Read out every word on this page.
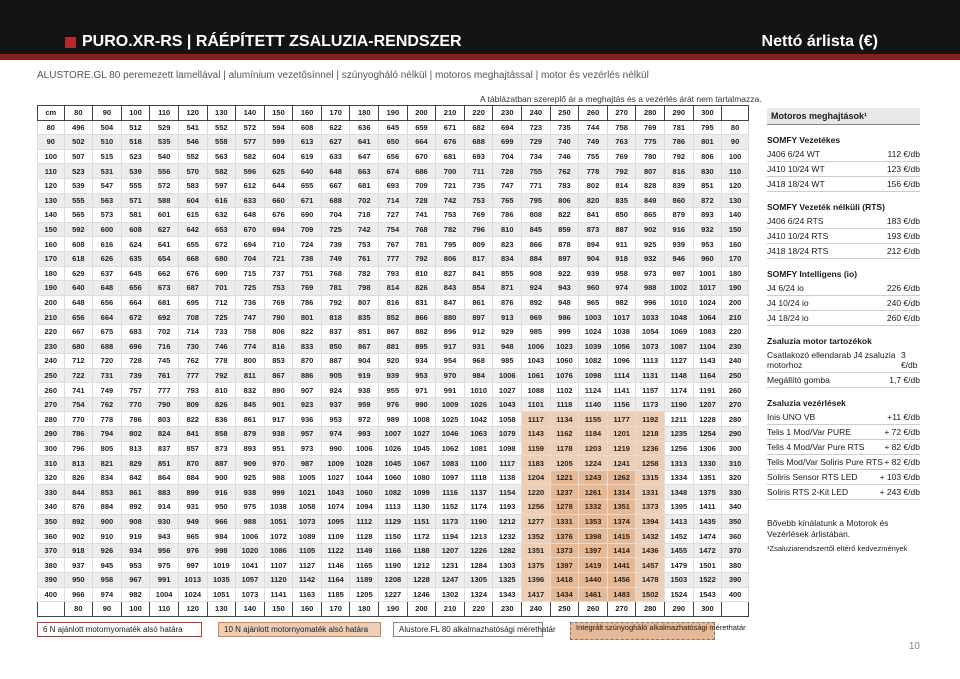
PURO.XR-RS | RÁÉPÍTETT ZSALUZIA-RENDSZER	Nettó árlista (€)
ALUSTORE.GL 80 peremezett lamellával | alumínium vezetősínnel | szúnyogháló nélkül | motoros meghajtással | motor és vezérlés nélkül
A táblázatban szereplő ár a meghajtás és a vezérlés árát nem tartalmazza.
cm	80	90	100	110	120	130	140	150	160	170	180	190	200	210	220	230	240	250	260	270	280	290	300	
80	496	504	512	529	541	552	572	594	608	622	636	645	659	671	682	694	723	735	744	758	769	781	795	80
90	502	510	518	535	546	558	577	599	613	627	641	650	664	676	688	699	729	740	749	763	775	786	801	90
100	507	515	523	540	552	563	582	604	619	633	647	656	670	681	693	704	734	746	755	769	780	792	806	100
110	523	531	539	556	570	582	596	625	640	648	663	674	686	700	711	728	755	762	778	792	807	816	830	110
120	539	547	555	572	583	597	612	644	655	667	681	693	709	721	735	747	771	783	802	814	828	839	851	120
130	555	563	571	588	604	616	633	660	671	688	702	714	728	742	753	765	795	806	820	835	849	860	872	130
140	565	573	581	601	615	632	648	676	690	704	718	727	741	753	769	786	808	822	841	850	865	879	893	140
150	592	600	608	627	642	653	670	694	709	725	742	754	768	782	796	810	845	859	873	887	902	916	932	150
160	608	616	624	641	655	672	694	710	724	739	753	767	781	795	809	823	866	878	894	911	925	939	953	160
170	618	626	635	654	668	680	704	721	738	749	761	777	792	806	817	834	884	897	904	918	932	946	960	170
180	629	637	645	662	676	690	715	737	751	768	782	793	810	827	841	855	908	922	939	958	973	987	1001	180
190	640	648	656	673	687	701	725	753	769	781	798	814	826	843	854	871	924	943	960	974	988	1002	1017	190
200	648	656	664	681	695	712	736	769	786	792	807	816	831	847	861	876	892	948	965	982	996	1010	1024	200
210	656	664	672	692	708	725	747	790	801	818	835	852	866	880	897	913	969	986	1003	1017	1033	1048	1064	210
220	667	675	683	702	714	733	758	806	822	837	851	867	882	896	912	929	985	999	1024	1038	1054	1069	1083	220
230	680	688	696	716	730	746	774	816	833	850	867	881	895	917	931	948	1006	1023	1039	1056	1073	1087	1104	230
240	712	720	728	745	762	778	800	853	870	887	904	920	934	954	968	985	1043	1060	1082	1096	1113	1127	1143	240
250	722	731	739	761	777	792	811	867	886	905	919	939	953	970	984	1006	1061	1076	1098	1114	1131	1148	1164	250
260	741	749	757	777	793	810	832	890	907	924	938	955	971	991	1010	1027	1088	1102	1124	1141	1157	1174	1191	260
270	754	762	770	790	809	826	845	901	923	937	959	976	990	1009	1026	1043	1101	1118	1140	1156	1173	1190	1207	270
280	770	778	786	803	822	836	861	917	936	953	972	989	1008	1025	1042	1058	1117	1134	1155	1177	1192	1211	1228	280
290	786	794	802	824	841	858	879	938	957	974	993	1007	1027	1046	1063	1079	1143	1162	1184	1201	1218	1235	1254	290
300	796	805	813	837	857	873	893	951	973	990	1006	1026	1045	1062	1081	1098	1159	1178	1203	1219	1236	1256	1306	300
310	813	821	829	851	870	887	909	970	987	1009	1028	1045	1067	1083	1100	1117	1183	1205	1224	1241	1258	1313	1330	310
320	826	834	842	864	884	900	925	988	1005	1027	1044	1060	1080	1097	1118	1138	1204	1221	1243	1262	1315	1334	1351	320
330	844	853	861	883	899	916	938	999	1021	1043	1060	1082	1099	1116	1137	1154	1220	1237	1261	1314	1331	1348	1375	330
340	876	884	892	914	931	950	975	1038	1058	1074	1094	1113	1130	1152	1174	1193	1256	1278	1332	1351	1373	1395	1411	340
350	892	900	908	930	949	966	988	1051	1073	1095	1112	1129	1151	1173	1190	1212	1277	1331	1353	1374	1394	1413	1435	350
360	902	910	919	943	965	984	1006	1072	1089	1109	1128	1150	1172	1194	1213	1232	1352	1376	1398	1415	1432	1452	1474	360
370	918	926	934	956	976	998	1020	1086	1105	1122	1149	1166	1188	1207	1226	1282	1351	1373	1397	1414	1436	1455	1472	370
380	937	945	953	975	997	1019	1041	1107	1127	1146	1165	1190	1212	1231	1284	1303	1375	1397	1419	1441	1457	1479	1501	380
390	950	958	967	991	1013	1035	1057	1120	1142	1164	1189	1208	1228	1247	1305	1325	1396	1418	1440	1456	1478	1503	1522	390
400	966	974	982	1004	1024	1051	1073	1141	1163	1185	1205	1227	1246	1302	1324	1343	1417	1434	1461	1483	1502	1524	1543	400
	80	90	100	110	120	130	140	150	160	170	180	190	200	210	220	230	240	250	260	270	280	290	300	
Motoros meghajtások¹
SOMFY Vezetékes
J406 6/24 WT	112 €/db
J410 10/24 WT	123 €/db
J418 18/24 WT	156 €/db
SOMFY Vezeték nélküli (RTS)
J406 6/24 RTS	183 €/db
J410 10/24 RTS	193 €/db
J418 18/24 RTS	212 €/db
SOMFY Intelligens (io)
J4 6/24 io	226 €/db
J4 10/24 io	240 €/db
J4 18/24 io	260 €/db
Zsaluzia motor tartozékok
Csatlakozó ellendarab J4 zsaluzia motorhoz
3 €/db
Megállító gomba	1,7 €/db
Zsaluzia vezérlések
Inis UNO VB	+11 €/db
Telis 1 Mod/Var PURE	+ 72 €/db
Telis 4 Mod/Var Pure RTS + 82 €/db
Telis Mod/Var Soliris Pure RTS + 82 €/db
Soliris Sensor RTS LED	+ 103 €/db
Soliris RTS 2-Kit LED	+ 243 €/db
Bővebb kínálatunk a Motorok és Vezérlések árlistában.
¹Zsaluziarendszertől eltérő kedvezmények
6 N ajánlott motornyomaték alsó határa	10 N ajánlott motornyomaték alsó határa	Alustore.FL 80 alkalmazhatósági mérethatár	Integrált szúnyogháló alkalmazhatósági mérethatár
10
